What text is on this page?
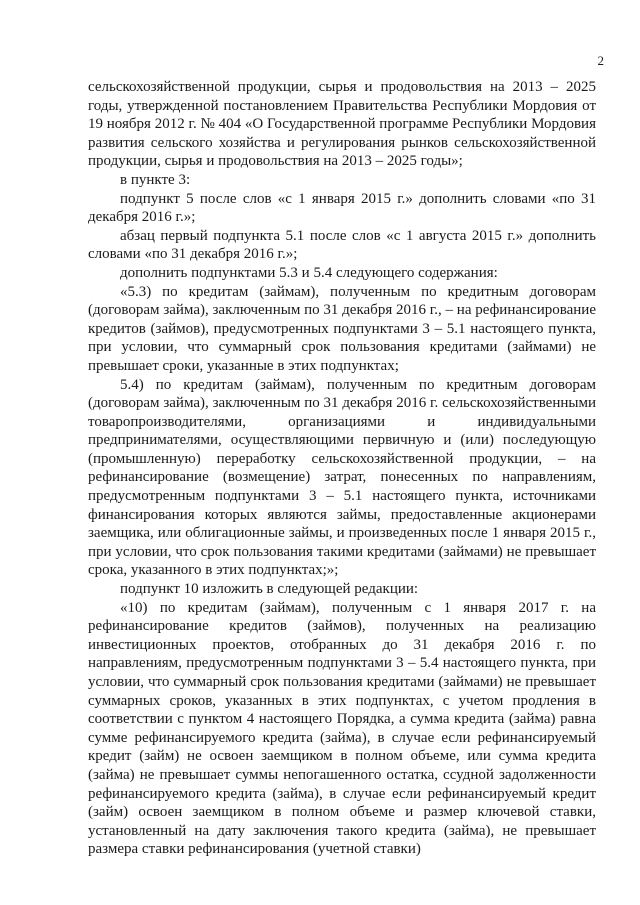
2

сельскохозяйственной продукции, сырья и продовольствия на 2013 – 2025 годы, утвержденной постановлением Правительства Республики Мордовия от 19 ноября 2012 г. № 404 «О Государственной программе Республики Мордовия развития сельского хозяйства и регулирования рынков сельскохозяйственной продукции, сырья и продовольствия на 2013 – 2025 годы»;

в пункте 3:

подпункт 5 после слов «с 1 января 2015 г.» дополнить словами «по 31 декабря 2016 г.»;

абзац первый подпункта 5.1 после слов «с 1 августа 2015 г.» дополнить словами «по 31 декабря 2016 г.»;

дополнить подпунктами 5.3 и 5.4 следующего содержания:

«5.3) по кредитам (займам), полученным по кредитным договорам (договорам займа), заключенным по 31 декабря 2016 г., – на рефинансирование кредитов (займов), предусмотренных подпунктами 3 – 5.1 настоящего пункта, при условии, что суммарный срок пользования кредитами (займами) не превышает сроки, указанные в этих подпунктах;

5.4) по кредитам (займам), полученным по кредитным договорам (договорам займа), заключенным по 31 декабря 2016 г. сельскохозяйственными товаропроизводителями, организациями и индивидуальными предпринимателями, осуществляющими первичную и (или) последующую (промышленную) переработку сельскохозяйственной продукции, – на рефинансирование (возмещение) затрат, понесенных по направлениям, предусмотренным подпунктами 3 – 5.1 настоящего пункта, источниками финансирования которых являются займы, предоставленные акционерами заемщика, или облигационные займы, и произведенных после 1 января 2015 г., при условии, что срок пользования такими кредитами (займами) не превышает срока, указанного в этих подпунктах;»;

подпункт 10 изложить в следующей редакции:

«10) по кредитам (займам), полученным с 1 января 2017 г. на рефинансирование кредитов (займов), полученных на реализацию инвестиционных проектов, отобранных до 31 декабря 2016 г. по направлениям, предусмотренным подпунктами 3 – 5.4 настоящего пункта, при условии, что суммарный срок пользования кредитами (займами) не превышает суммарных сроков, указанных в этих подпунктах, с учетом продления в соответствии с пунктом 4 настоящего Порядка, а сумма кредита (займа) равна сумме рефинансируемого кредита (займа), в случае если рефинансируемый кредит (займ) не освоен заемщиком в полном объеме, или сумма кредита (займа) не превышает суммы непогашенного остатка, ссудной задолженности рефинансируемого кредита (займа), в случае если рефинансируемый кредит (займ) освоен заемщиком в полном объеме и размер ключевой ставки, установленный на дату заключения такого кредита (займа), не превышает размера ставки рефинансирования (учетной ставки)
